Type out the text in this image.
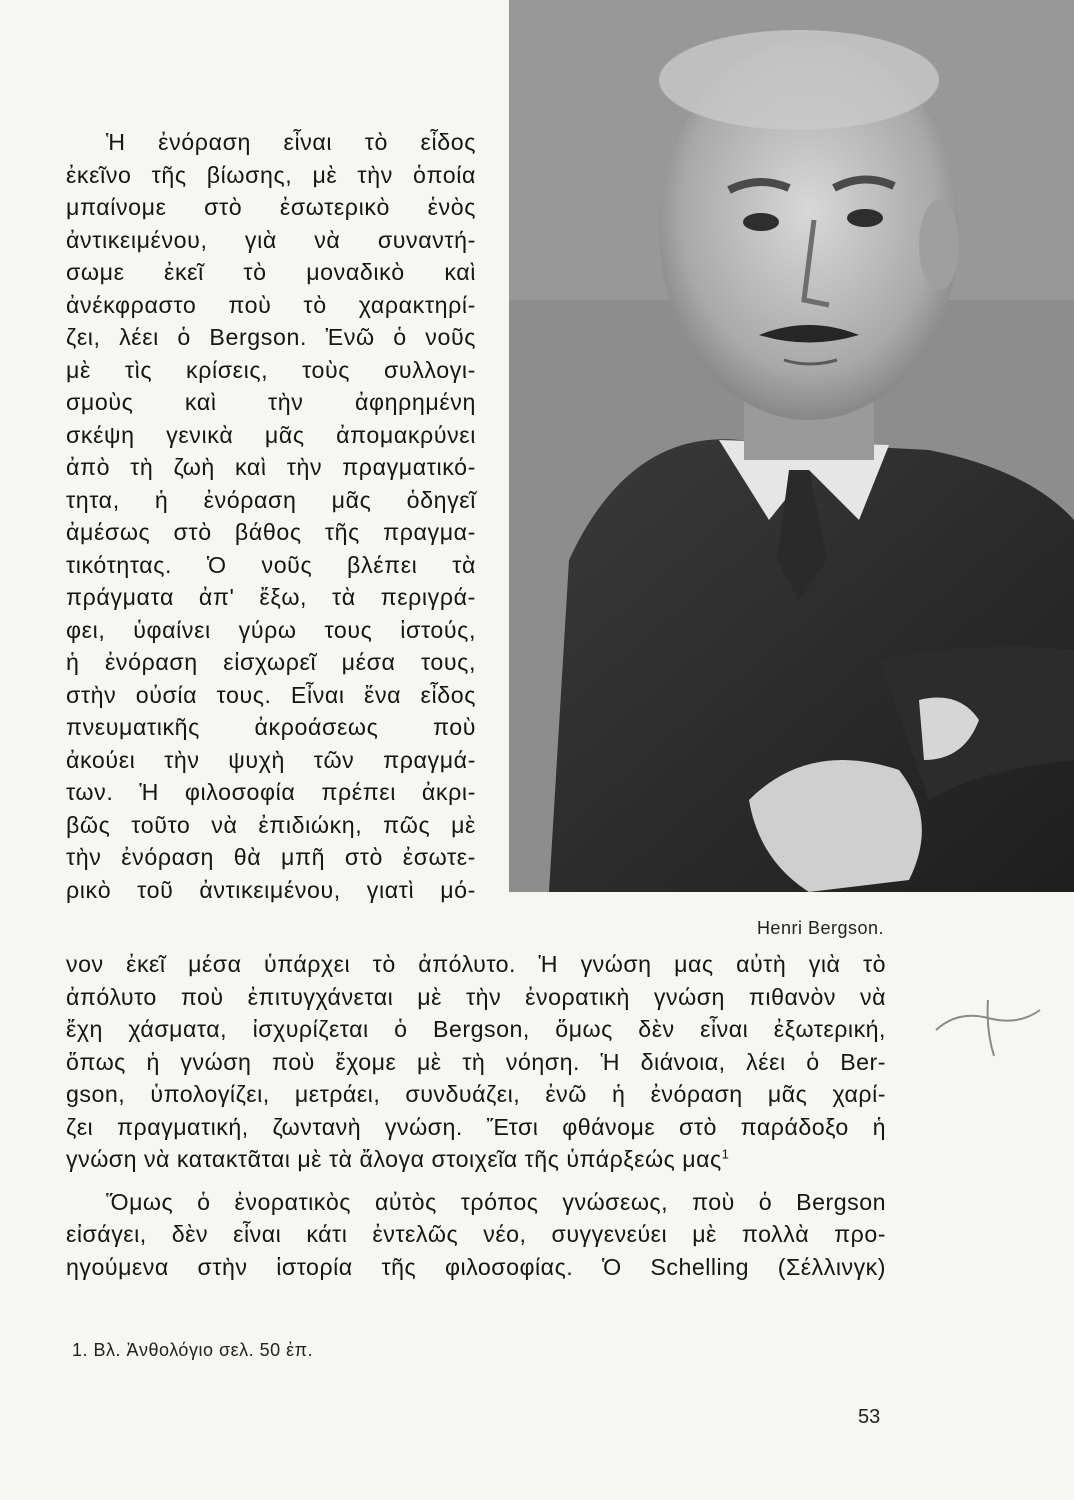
Henri Bergson.
Ἡ ἐνόραση εἶναι τὸ εἶδος
ἐκεῖνο τῆς βίωσης, μὲ τὴν ὁποία
μπαίνομε στὸ ἐσωτερικὸ ἑνὸς
ἀντικειμένου, γιὰ νὰ συναντή-
σωμε ἐκεῖ τὸ μοναδικὸ καὶ
ἀνέκφραστο ποὺ τὸ χαρακτηρί-
ζει, λέει ὁ Bergson. Ἐνῶ ὁ νοῦς
μὲ τὶς κρίσεις, τοὺς συλλογι-
σμοὺς καὶ τὴν ἀφηρημένη
σκέψη γενικὰ μᾶς ἀπομακρύνει
ἀπὸ τὴ ζωὴ καὶ τὴν πραγματικό-
τητα, ἡ ἐνόραση μᾶς ὁδηγεῖ
ἀμέσως στὸ βάθος τῆς πραγμα-
τικότητας. Ὁ νοῦς βλέπει τὰ
πράγματα ἀπ' ἔξω, τὰ περιγρά-
φει, ὑφαίνει γύρω τους ἱστούς,
ἡ ἐνόραση εἰσχωρεῖ μέσα τους,
στὴν οὐσία τους. Εἶναι ἕνα εἶδος
πνευματικῆς ἀκροάσεως ποὺ
ἀκούει τὴν ψυχὴ τῶν πραγμά-
των. Ἡ φιλοσοφία πρέπει ἀκρι-
βῶς τοῦτο νὰ ἐπιδιώκη, πῶς μὲ
τὴν ἐνόραση θὰ μπῆ στὸ ἐσωτε-
ρικὸ τοῦ ἀντικειμένου, γιατὶ μό-
νον ἐκεῖ μέσα ὑπάρχει τὸ ἀπόλυτο. Ἡ γνώση μας αὐτὴ γιὰ τὸ
ἀπόλυτο ποὺ ἐπιτυγχάνεται μὲ τὴν ἐνορατικὴ γνώση πιθανὸν νὰ
ἔχη χάσματα, ἰσχυρίζεται ὁ Bergson, ὅμως δὲν εἶναι ἐξωτερική,
ὅπως ἡ γνώση ποὺ ἔχομε μὲ τὴ νόηση. Ἡ διάνοια, λέει ὁ Ber-
gson, ὑπολογίζει, μετράει, συνδυάζει, ἐνῶ ἡ ἐνόραση μᾶς χαρί-
ζει πραγματική, ζωντανὴ γνώση. Ἔτσι φθάνομε στὸ παράδοξο ἡ
γνώση νὰ κατακτᾶται μὲ τὰ ἄλογα στοιχεῖα τῆς ὑπάρξεώς μας$^1$
Ὅμως ὁ ἐνορατικὸς αὐτὸς τρόπος γνώσεως, ποὺ ὁ Bergson
εἰσάγει, δὲν εἶναι κάτι ἐντελῶς νέο, συγγενεύει μὲ πολλὰ προ-
ηγούμενα στὴν ἱστορία τῆς φιλοσοφίας. Ὁ Schelling (Σέλλινγκ)
1. Βλ. Ἀνθολόγιο σελ. 50 ἐπ.
53
